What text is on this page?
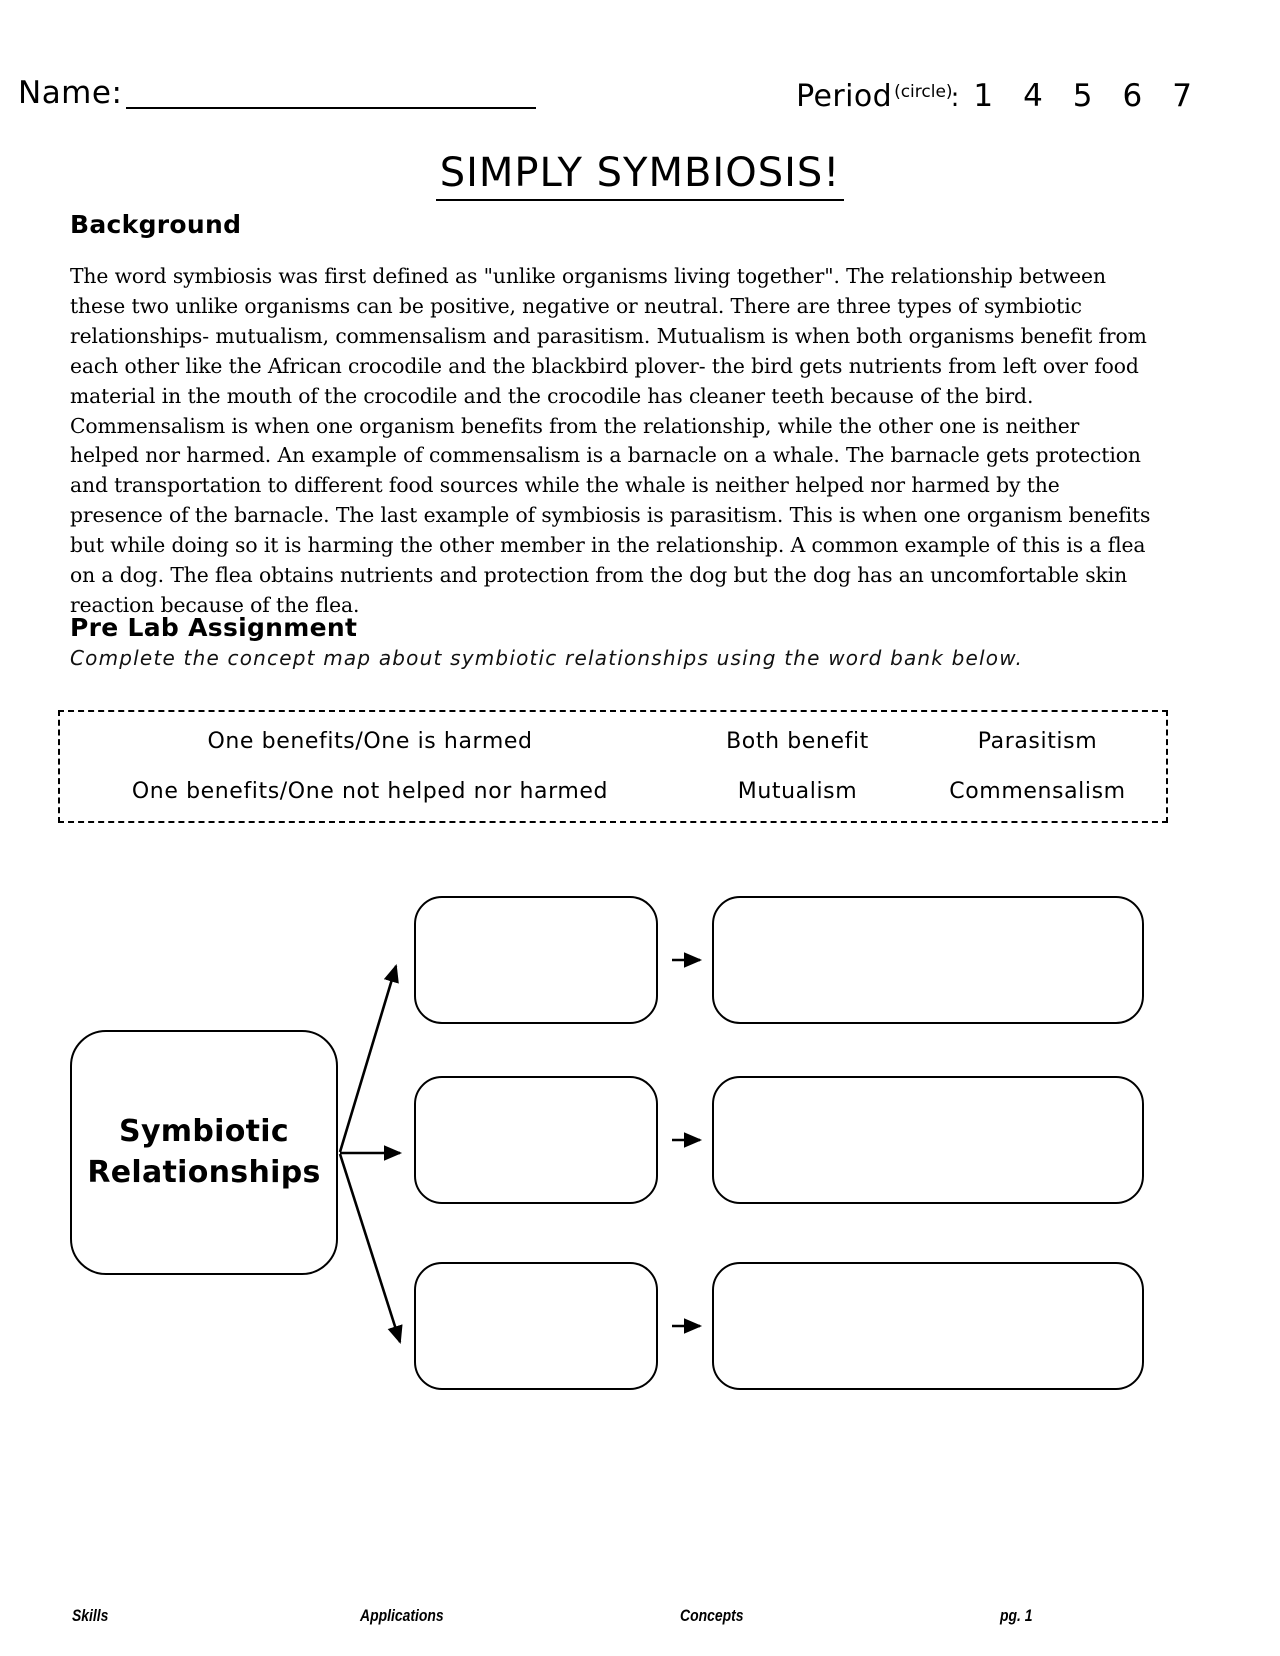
Name:	Period (circle)
: 1 4 5 6 7
SIMPLY SYMBIOSIS!
Background
The word symbiosis was first defined as "unlike organisms living together". The relationship between these two unlike organisms can be positive, negative or neutral. There are three types of symbiotic relationships- mutualism, commensalism and parasitism. Mutualism is when both organisms benefit from each other like the African crocodile and the blackbird plover- the bird gets nutrients from left over food material in the mouth of the crocodile and the crocodile has cleaner teeth because of the bird. Commensalism is when one organism benefits from the relationship, while the other one is neither helped nor harmed. An example of commensalism is a barnacle on a whale. The barnacle gets protection and transportation to different food sources while the whale is neither helped nor harmed by the presence of the barnacle. The last example of symbiosis is parasitism. This is when one organism benefits but while doing so it is harming the other member in the relationship. A common example of this is a flea on a dog. The flea obtains nutrients and protection from the dog but the dog has an uncomfortable skin reaction because of the flea.
Pre Lab Assignment
Complete the concept map about symbiotic relationships using the word bank below.
One benefits/One is harmed	Both benefit	Parasitism
One benefits/One not helped nor harmed	Mutualism	Commensalism
Symbiotic
Relationships
Skills	Applications	Concepts	pg. 1
